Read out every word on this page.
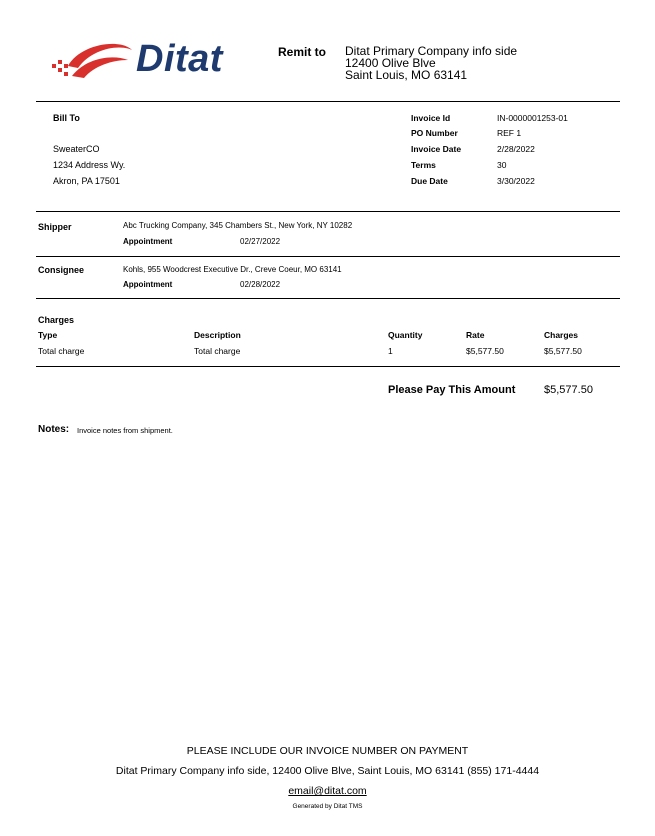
Ditat	Remit to Ditat Primary Company info side
12400 Olive Blve
Saint Louis, MO 63141
Bill To
SweaterCO
1234 Address Wy.
Akron, PA 17501
Invoice Id	IN-0000001253-01
PO Number	REF 1
Invoice Date	2/28/2022
Terms	30
Due Date	3/30/2022
Shipper	Abc Trucking Company, 345 Chambers St., New York, NY 10282
Appointment	02/27/2022
Consignee	Kohls, 955 Woodcrest Executive Dr., Creve Coeur, MO 63141
Appointment	02/28/2022
Charges
Type	Description	Quantity	Rate	Charges
Total charge	Total charge	1	$5,577.50	$5,577.50
Please Pay This Amount	$5,577.50
Notes: Invoice notes from shipment.
PLEASE INCLUDE OUR INVOICE NUMBER ON PAYMENT
Ditat Primary Company info side, 12400 Olive Blve, Saint Louis, MO 63141 (855) 171-4444
email@ditat.com
Generated by Ditat TMS
